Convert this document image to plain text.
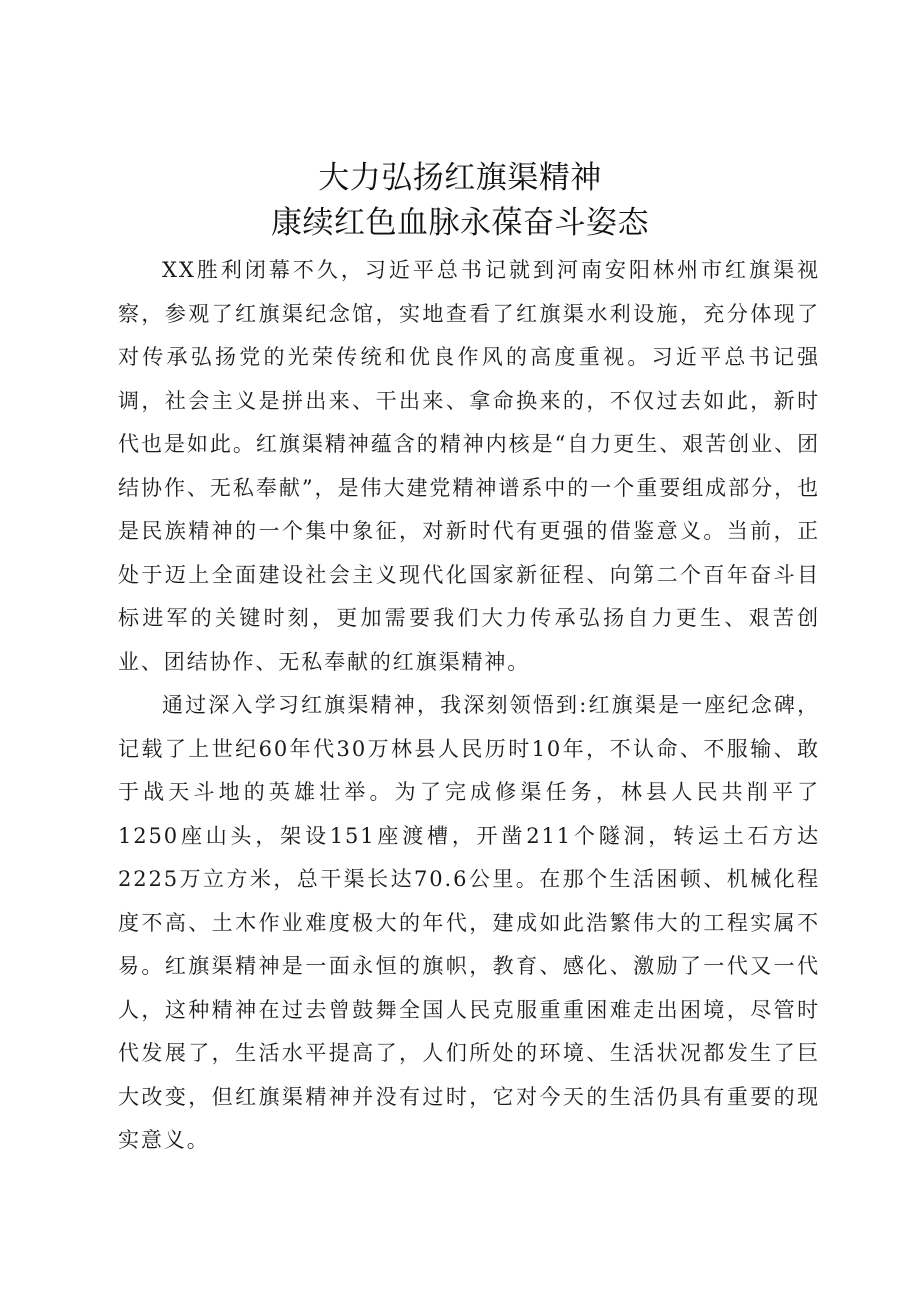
大力弘扬红旗渠精神
康续红色血脉永葆奋斗姿态

XX胜利闭幕不久，习近平总书记就到河南安阳林州市红旗渠视察，参观了红旗渠纪念馆，实地查看了红旗渠水利设施，充分体现了对传承弘扬党的光荣传统和优良作风的高度重视。习近平总书记强调，社会主义是拼出来、干出来、拿命换来的，不仅过去如此，新时代也是如此。红旗渠精神蕴含的精神内核是“自力更生、艰苦创业、团结协作、无私奉献”，是伟大建党精神谱系中的一个重要组成部分，也是民族精神的一个集中象征，对新时代有更强的借鉴意义。当前，正处于迈上全面建设社会主义现代化国家新征程、向第二个百年奋斗目标进军的关键时刻，更加需要我们大力传承弘扬自力更生、艰苦创业、团结协作、无私奉献的红旗渠精神。

通过深入学习红旗渠精神，我深刻领悟到:红旗渠是一座纪念碑，记载了上世纪60年代30万林县人民历时10年，不认命、不服输、敢于战天斗地的英雄壮举。为了完成修渠任务，林县人民共削平了1250座山头，架设151座渡槽，开凿211个隧洞，转运土石方达2225万立方米，总干渠长达70.6公里。在那个生活困顿、机械化程度不高、土木作业难度极大的年代，建成如此浩繁伟大的工程实属不易。红旗渠精神是一面永恒的旗帜，教育、感化、激励了一代又一代人，这种精神在过去曾鼓舞全国人民克服重重困难走出困境，尽管时代发展了，生活水平提高了，人们所处的环境、生活状况都发生了巨大改变，但红旗渠精神并没有过时，它对今天的生活仍具有重要的现实意义。
